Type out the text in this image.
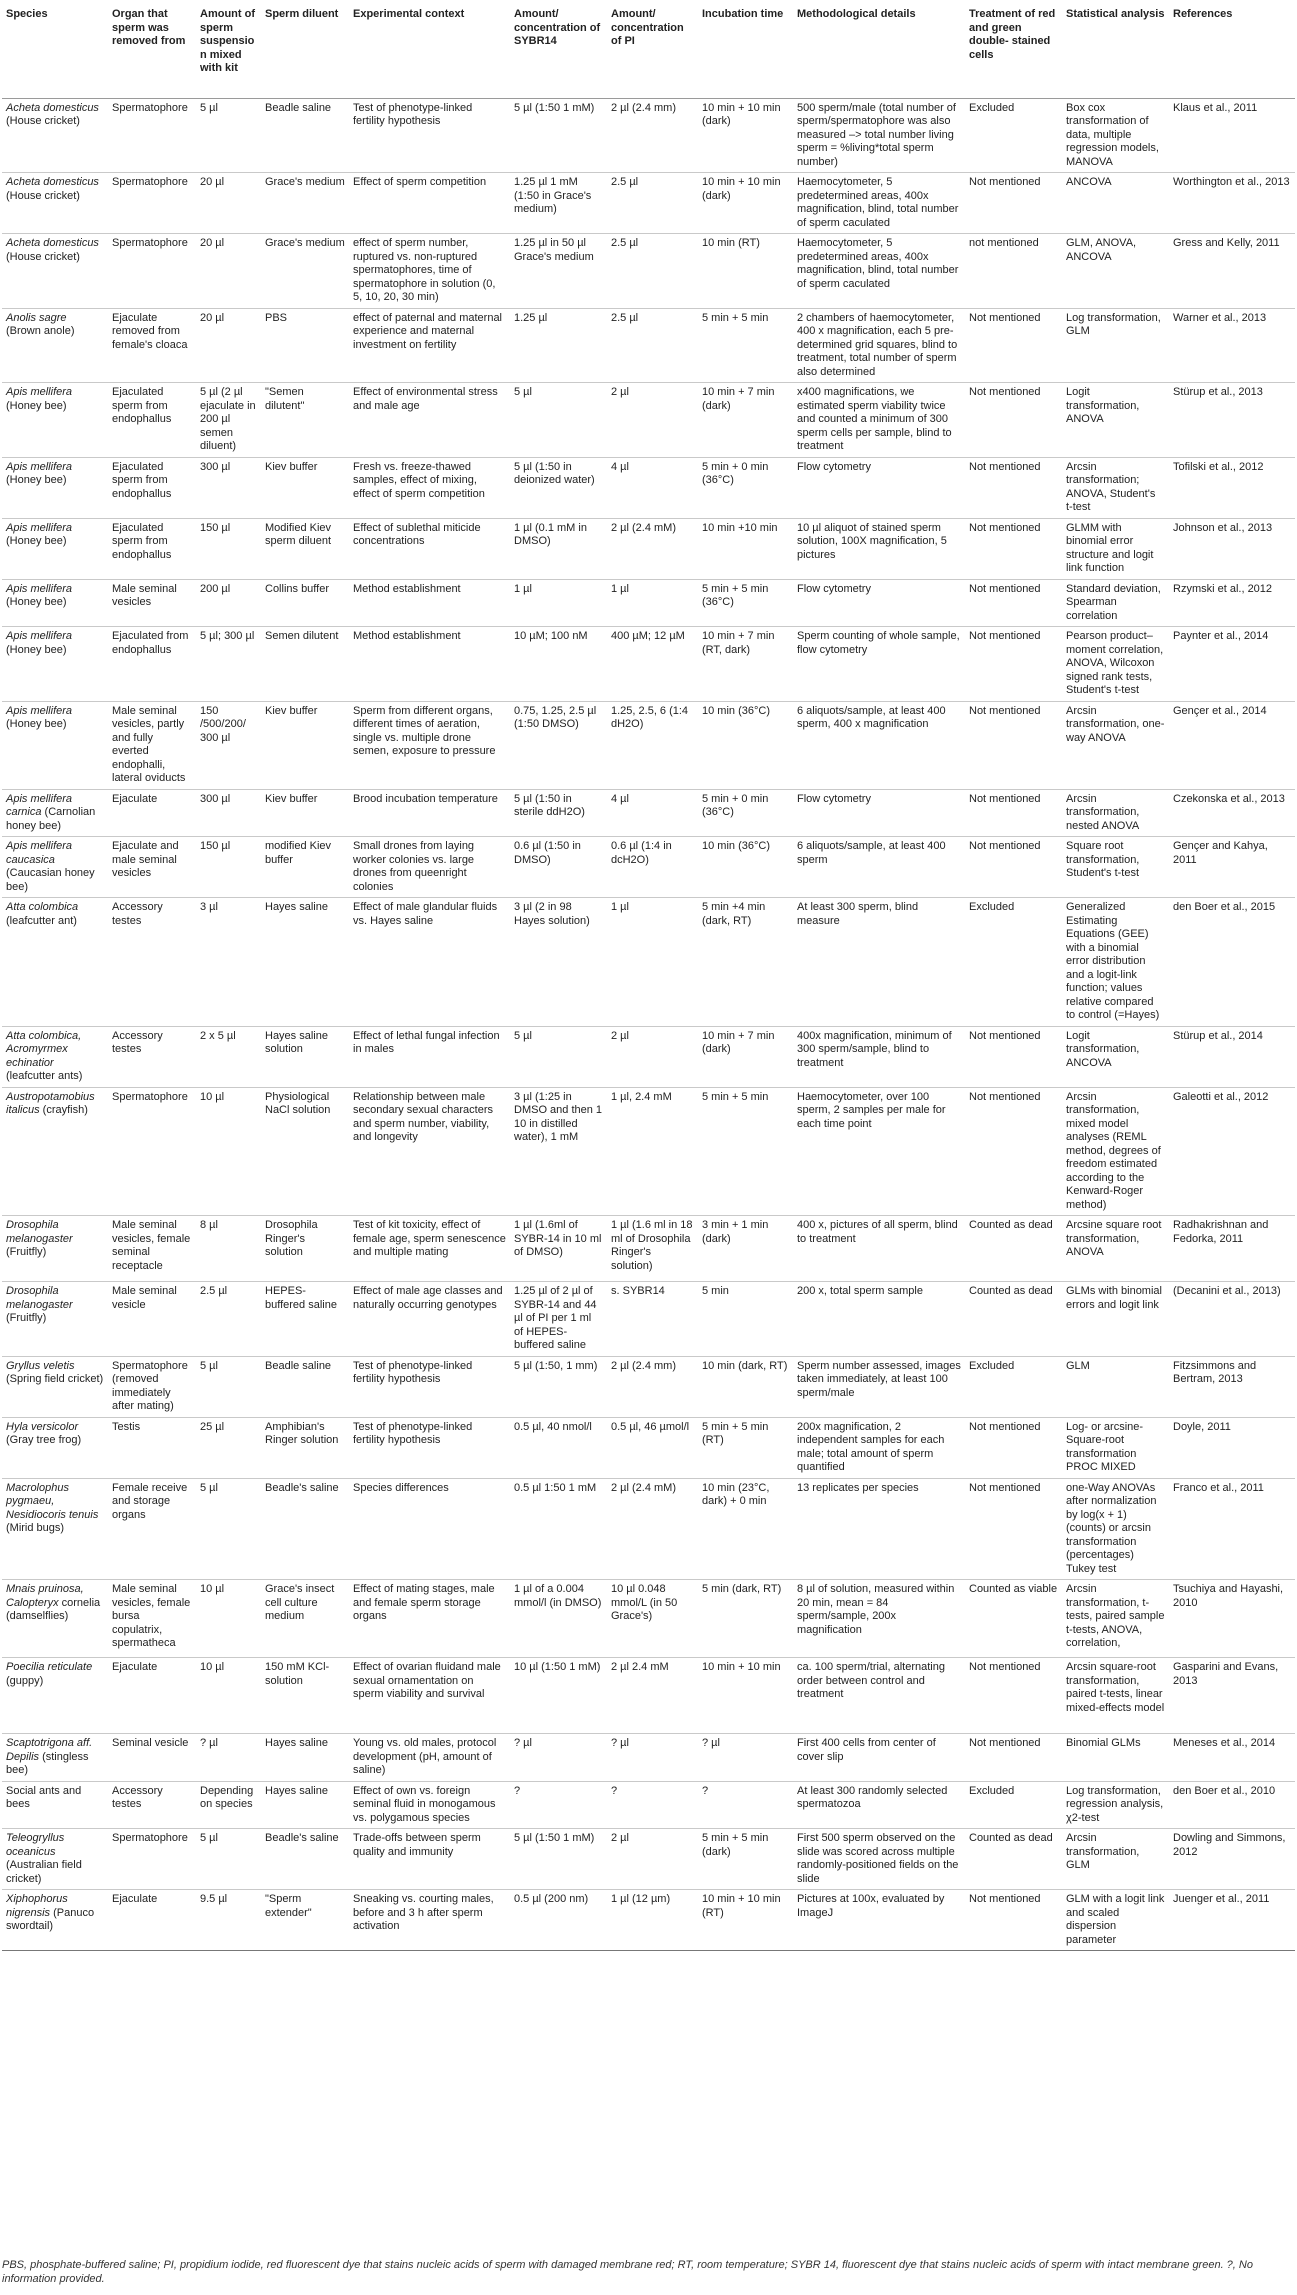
Species	Organ that sperm was removed from	Amount of sperm suspension mixed with kit	Sperm diluent	Experimental context	Amount/ concentration of SYBR14	Amount/ concentration of PI	Incubation time	Methodological details	Treatment of red and green double- stained cells	Statistical analysis	References
Acheta domesticus (House cricket)	Spermatophore	5 µl	Beadle saline	Test of phenotype-linked fertility hypothesis	5 µl (1:50 1 mM)	2 µl (2.4 mm)	10 min + 10 min (dark)	500 sperm/male (total number of sperm/spermatophore was also measured –> total number living sperm = %living*total sperm number)	Excluded	Box cox transformation of data, multiple regression models, MANOVA	Klaus et al., 2011
Acheta domesticus (House cricket)	Spermatophore	20 µl	Grace's medium	Effect of sperm competition	1.25 µl 1 mM (1:50 in Grace's medium)	2.5 µl	10 min + 10 min (dark)	Haemocytometer, 5 predetermined areas, 400x magnification, blind, total number of sperm caculated	Not mentioned	ANCOVA	Worthington et al., 2013
Acheta domesticus (House cricket)	Spermatophore	20 µl	Grace's medium	effect of sperm number, ruptured vs. non-ruptured spermatophores, time of spermatophore in solution (0, 5, 10, 20, 30 min)	1.25 µl in 50 µl Grace's medium	2.5 µl	10 min (RT)	Haemocytometer, 5 predetermined areas, 400x magnification, blind, total number of sperm caculated	not mentioned	GLM, ANOVA, ANCOVA	Gress and Kelly, 2011
Anolis sagre (Brown anole)	Ejaculate removed from female's cloaca	20 µl	PBS	effect of paternal and maternal experience and maternal investment on fertility	1.25 µl	2.5 µl	5 min + 5 min	2 chambers of haemocytometer, 400 x magnification, each 5 pre-determined grid squares, blind to treatment, total number of sperm also determined	Not mentioned	Log transformation, GLM	Warner et al., 2013
Apis mellifera (Honey bee)	Ejaculated sperm from endophallus	5 µl (2 µl ejaculate in 200 µl semen diluent)	"Semen dilutent"	Effect of environmental stress and male age	5 µl	2 µl	10 min + 7 min (dark)	x400 magnifications, we estimated sperm viability twice and counted a minimum of 300 sperm cells per sample, blind to treatment	Not mentioned	Logit transformation, ANOVA	Stürup et al., 2013
Apis mellifera (Honey bee)	Ejaculated sperm from endophallus	300 µl	Kiev buffer	Fresh vs. freeze-thawed samples, effect of mixing, effect of sperm competition	5 µl (1:50 in deionized water)	4 µl	5 min + 0 min (36°C)	Flow cytometry	Not mentioned	Arcsin transformation; ANOVA, Student's t-test	Tofilski et al., 2012
Apis mellifera (Honey bee)	Ejaculated sperm from endophallus	150 µl	Modified Kiev sperm diluent	Effect of sublethal miticide concentrations	1 µl (0.1 mM in DMSO)	2 µl (2.4 mM)	10 min +10 min	10 µl aliquot of stained sperm solution, 100X magnification, 5 pictures	Not mentioned	GLMM with binomial error structure and logit link function	Johnson et al., 2013
Apis mellifera (Honey bee)	Male seminal vesicles	200 µl	Collins buffer	Method establishment	1 µl	1 µl	5 min + 5 min (36°C)	Flow cytometry	Not mentioned	Standard deviation, Spearman correlation	Rzymski et al., 2012
Apis mellifera (Honey bee)	Ejaculated from endophallus	5 µl; 300 µl	Semen dilutent	Method establishment	10 µM; 100 nM	400 µM; 12 µM	10 min + 7 min (RT, dark)	Sperm counting of whole sample, flow cytometry	Not mentioned	Pearson product–moment correlation, ANOVA, Wilcoxon signed rank tests, Student's t-test	Paynter et al., 2014
Apis mellifera (Honey bee)	Male seminal vesicles, partly and fully everted endophalli, lateral oviducts	150 /500/200/ 300 µl	Kiev buffer	Sperm from different organs, different times of aeration, single vs. multiple drone semen, exposure to pressure	0.75, 1.25, 2.5 µl (1:50 DMSO)	1.25, 2.5, 6 (1:4 dH2O)	10 min (36°C)	6 aliquots/sample, at least 400 sperm, 400 x magnification	Not mentioned	Arcsin transformation, one-way ANOVA	Gençer et al., 2014
Apis mellifera carnica (Carnolian honey bee)	Ejaculate	300 µl	Kiev buffer	Brood incubation temperature	5 µl (1:50 in sterile ddH2O)	4 µl	5 min + 0 min (36°C)	Flow cytometry	Not mentioned	Arcsin transformation, nested ANOVA	Czekonska et al., 2013
Apis mellifera caucasica (Caucasian honey bee)	Ejaculate and male seminal vesicles	150 µl	modified Kiev buffer	Small drones from laying worker colonies vs. large drones from queenright colonies	0.6 µl (1:50 in DMSO)	0.6 µl (1:4 in dcH2O)	10 min (36°C)	6 aliquots/sample, at least 400 sperm	Not mentioned	Square root transformation, Student's t-test	Gençer and Kahya, 2011
Atta colombica (leafcutter ant)	Accessory testes	3 µl	Hayes saline	Effect of male glandular fluids vs. Hayes saline	3 µl (2 in 98 Hayes solution)	1 µl	5 min +4 min (dark, RT)	At least 300 sperm, blind measure	Excluded	Generalized Estimating Equations (GEE) with a binomial error distribution and a logit-link function; values relative compared to control (=Hayes)	den Boer et al., 2015
Atta colombica, Acromyrmex echinatior (leafcutter ants)	Accessory testes	2 x 5 µl	Hayes saline solution	Effect of lethal fungal infection in males	5 µl	2 µl	10 min + 7 min (dark)	400x magnification, minimum of 300 sperm/sample, blind to treatment	Not mentioned	Logit transformation, ANCOVA	Stürup et al., 2014
Austropotamobius italicus (crayfish)	Spermatophore	10 µl	Physiological NaCl solution	Relationship between male secondary sexual characters and sperm number, viability, and longevity	3 µl (1:25 in DMSO and then 1 10 in distilled water), 1 mM	1 µl, 2.4 mM	5 min + 5 min	Haemocytometer, over 100 sperm, 2 samples per male for each time point	Not mentioned	Arcsin transformation, mixed model analyses (REML method, degrees of freedom estimated according to the Kenward-Roger method)	Galeotti et al., 2012
Drosophila melanogaster (Fruitfly)	Male seminal vesicles, female seminal receptacle	8 µl	Drosophila Ringer's solution	Test of kit toxicity, effect of female age, sperm senescence and multiple mating	1 µl (1.6ml of SYBR-14 in 10 ml of DMSO)	1 µl (1.6 ml in 18 ml of Drosophila Ringer's solution)	3 min + 1 min (dark)	400 x, pictures of all sperm, blind to treatment	Counted as dead	Arcsine square root transformation, ANOVA	Radhakrishnan and Fedorka, 2011
Drosophila melanogaster (Fruitfly)	Male seminal vesicle	2.5 µl	HEPES-buffered saline	Effect of male age classes and naturally occurring genotypes	1.25 µl of 2 µl of SYBR-14 and 44 µl of PI per 1 ml of HEPES-buffered saline	s. SYBR14	5 min	200 x, total sperm sample	Counted as dead	GLMs with binomial errors and logit link	(Decanini et al., 2013)
Gryllus veletis (Spring field cricket)	Spermatophore (removed immediately after mating)	5 µl	Beadle saline	Test of phenotype-linked fertility hypothesis	5 µl (1:50, 1 mm)	2 µl (2.4 mm)	10 min (dark, RT)	Sperm number assessed, images taken immediately, at least 100 sperm/male	Excluded	GLM	Fitzsimmons and Bertram, 2013
Hyla versicolor (Gray tree frog)	Testis	25 µl	Amphibian's Ringer solution	Test of phenotype-linked fertility hypothesis	0.5 µl, 40 nmol/l	0.5 µl, 46 µmol/l	5 min + 5 min (RT)	200x magnification, 2 independent samples for each male; total amount of sperm quantified	Not mentioned	Log- or arcsine-Square-root transformation PROC MIXED	Doyle, 2011
Macrolophus pygmaeu, Nesidiocoris tenuis (Mirid bugs)	Female receive and storage organs	5 µl	Beadle's saline	Species differences	0.5 µl 1:50 1 mM	2 µl (2.4 mM)	10 min (23°C, dark) + 0 min	13 replicates per species	Not mentioned	one-Way ANOVAs after normalization by log(x + 1) (counts) or arcsin transformation (percentages) Tukey test	Franco et al., 2011
Mnais pruinosa, Calopteryx cornelia (damselflies)	Male seminal vesicles, female bursa copulatrix, spermatheca	10 µl	Grace's insect cell culture medium	Effect of mating stages, male and female sperm storage organs	1 µl of a 0.004 mmol/l (in DMSO)	10 µl 0.048 mmol/L (in 50 Grace's)	5 min (dark, RT)	8 µl of solution, measured within 20 min, mean = 84 sperm/sample, 200x magnification	Counted as viable	Arcsin transformation, t-tests, paired sample t-tests, ANOVA, correlation,	Tsuchiya and Hayashi, 2010
Poecilia reticulate (guppy)	Ejaculate	10 µl	150 mM KCl-solution	Effect of ovarian fluidand male sexual ornamentation on sperm viability and survival	10 µl (1:50 1 mM)	2 µl 2.4 mM	10 min + 10 min	ca. 100 sperm/trial, alternating order between control and treatment	Not mentioned	Arcsin square-root transformation, paired t-tests, linear mixed-effects model	Gasparini and Evans, 2013
Scaptotrigona aff. Depilis (stingless bee)	Seminal vesicle	? µl	Hayes saline	Young vs. old males, protocol development (pH, amount of saline)	? µl	? µl	? µl	First 400 cells from center of cover slip	Not mentioned	Binomial GLMs	Meneses et al., 2014
Social ants and bees	Accessory testes	Depending on species	Hayes saline	Effect of own vs. foreign seminal fluid in monogamous vs. polygamous species	?	?	?	At least 300 randomly selected spermatozoa	Excluded	Log transformation, regression analysis, χ2-test	den Boer et al., 2010
Teleogryllus oceanicus (Australian field cricket)	Spermatophore	5 µl	Beadle's saline	Trade-offs between sperm quality and immunity	5 µl (1:50 1 mM)	2 µl	5 min + 5 min (dark)	First 500 sperm observed on the slide was scored across multiple randomly-positioned fields on the slide	Counted as dead	Arcsin transformation, GLM	Dowling and Simmons, 2012
Xiphophorus nigrensis (Panuco swordtail)	Ejaculate	9.5 µl	"Sperm extender"	Sneaking vs. courting males, before and 3 h after sperm activation	0.5 µl (200 nm)	1 µl (12 µm)	10 min + 10 min (RT)	Pictures at 100x, evaluated by ImageJ	Not mentioned	GLM with a logit link and scaled dispersion parameter	Juenger et al., 2011
PBS, phosphate-buffered saline; PI, propidium iodide, red fluorescent dye that stains nucleic acids of sperm with damaged membrane red; RT, room temperature; SYBR 14, fluorescent dye that stains nucleic acids of sperm with intact membrane green. ?, No information provided.
